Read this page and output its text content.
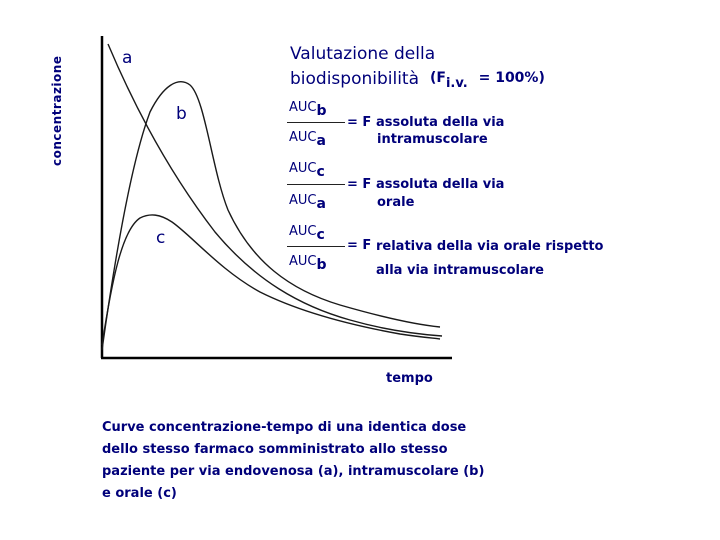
concentrazione	a
b
c
tempo
Valutazione della
biodisponibilità $(F_{i.v.} = 100\%)$
AUCb
AUCa
= F assoluta della via
intramuscolare
AUCc
AUCa
= F assoluta della via
orale
AUCc
AUCb
= F relativa della via orale rispetto
alla via intramuscolare
Curve concentrazione-tempo di una identica dose
dello stesso farmaco somministrato allo stesso
paziente per via endovenosa (a), intramuscolare (b)
e orale (c)
